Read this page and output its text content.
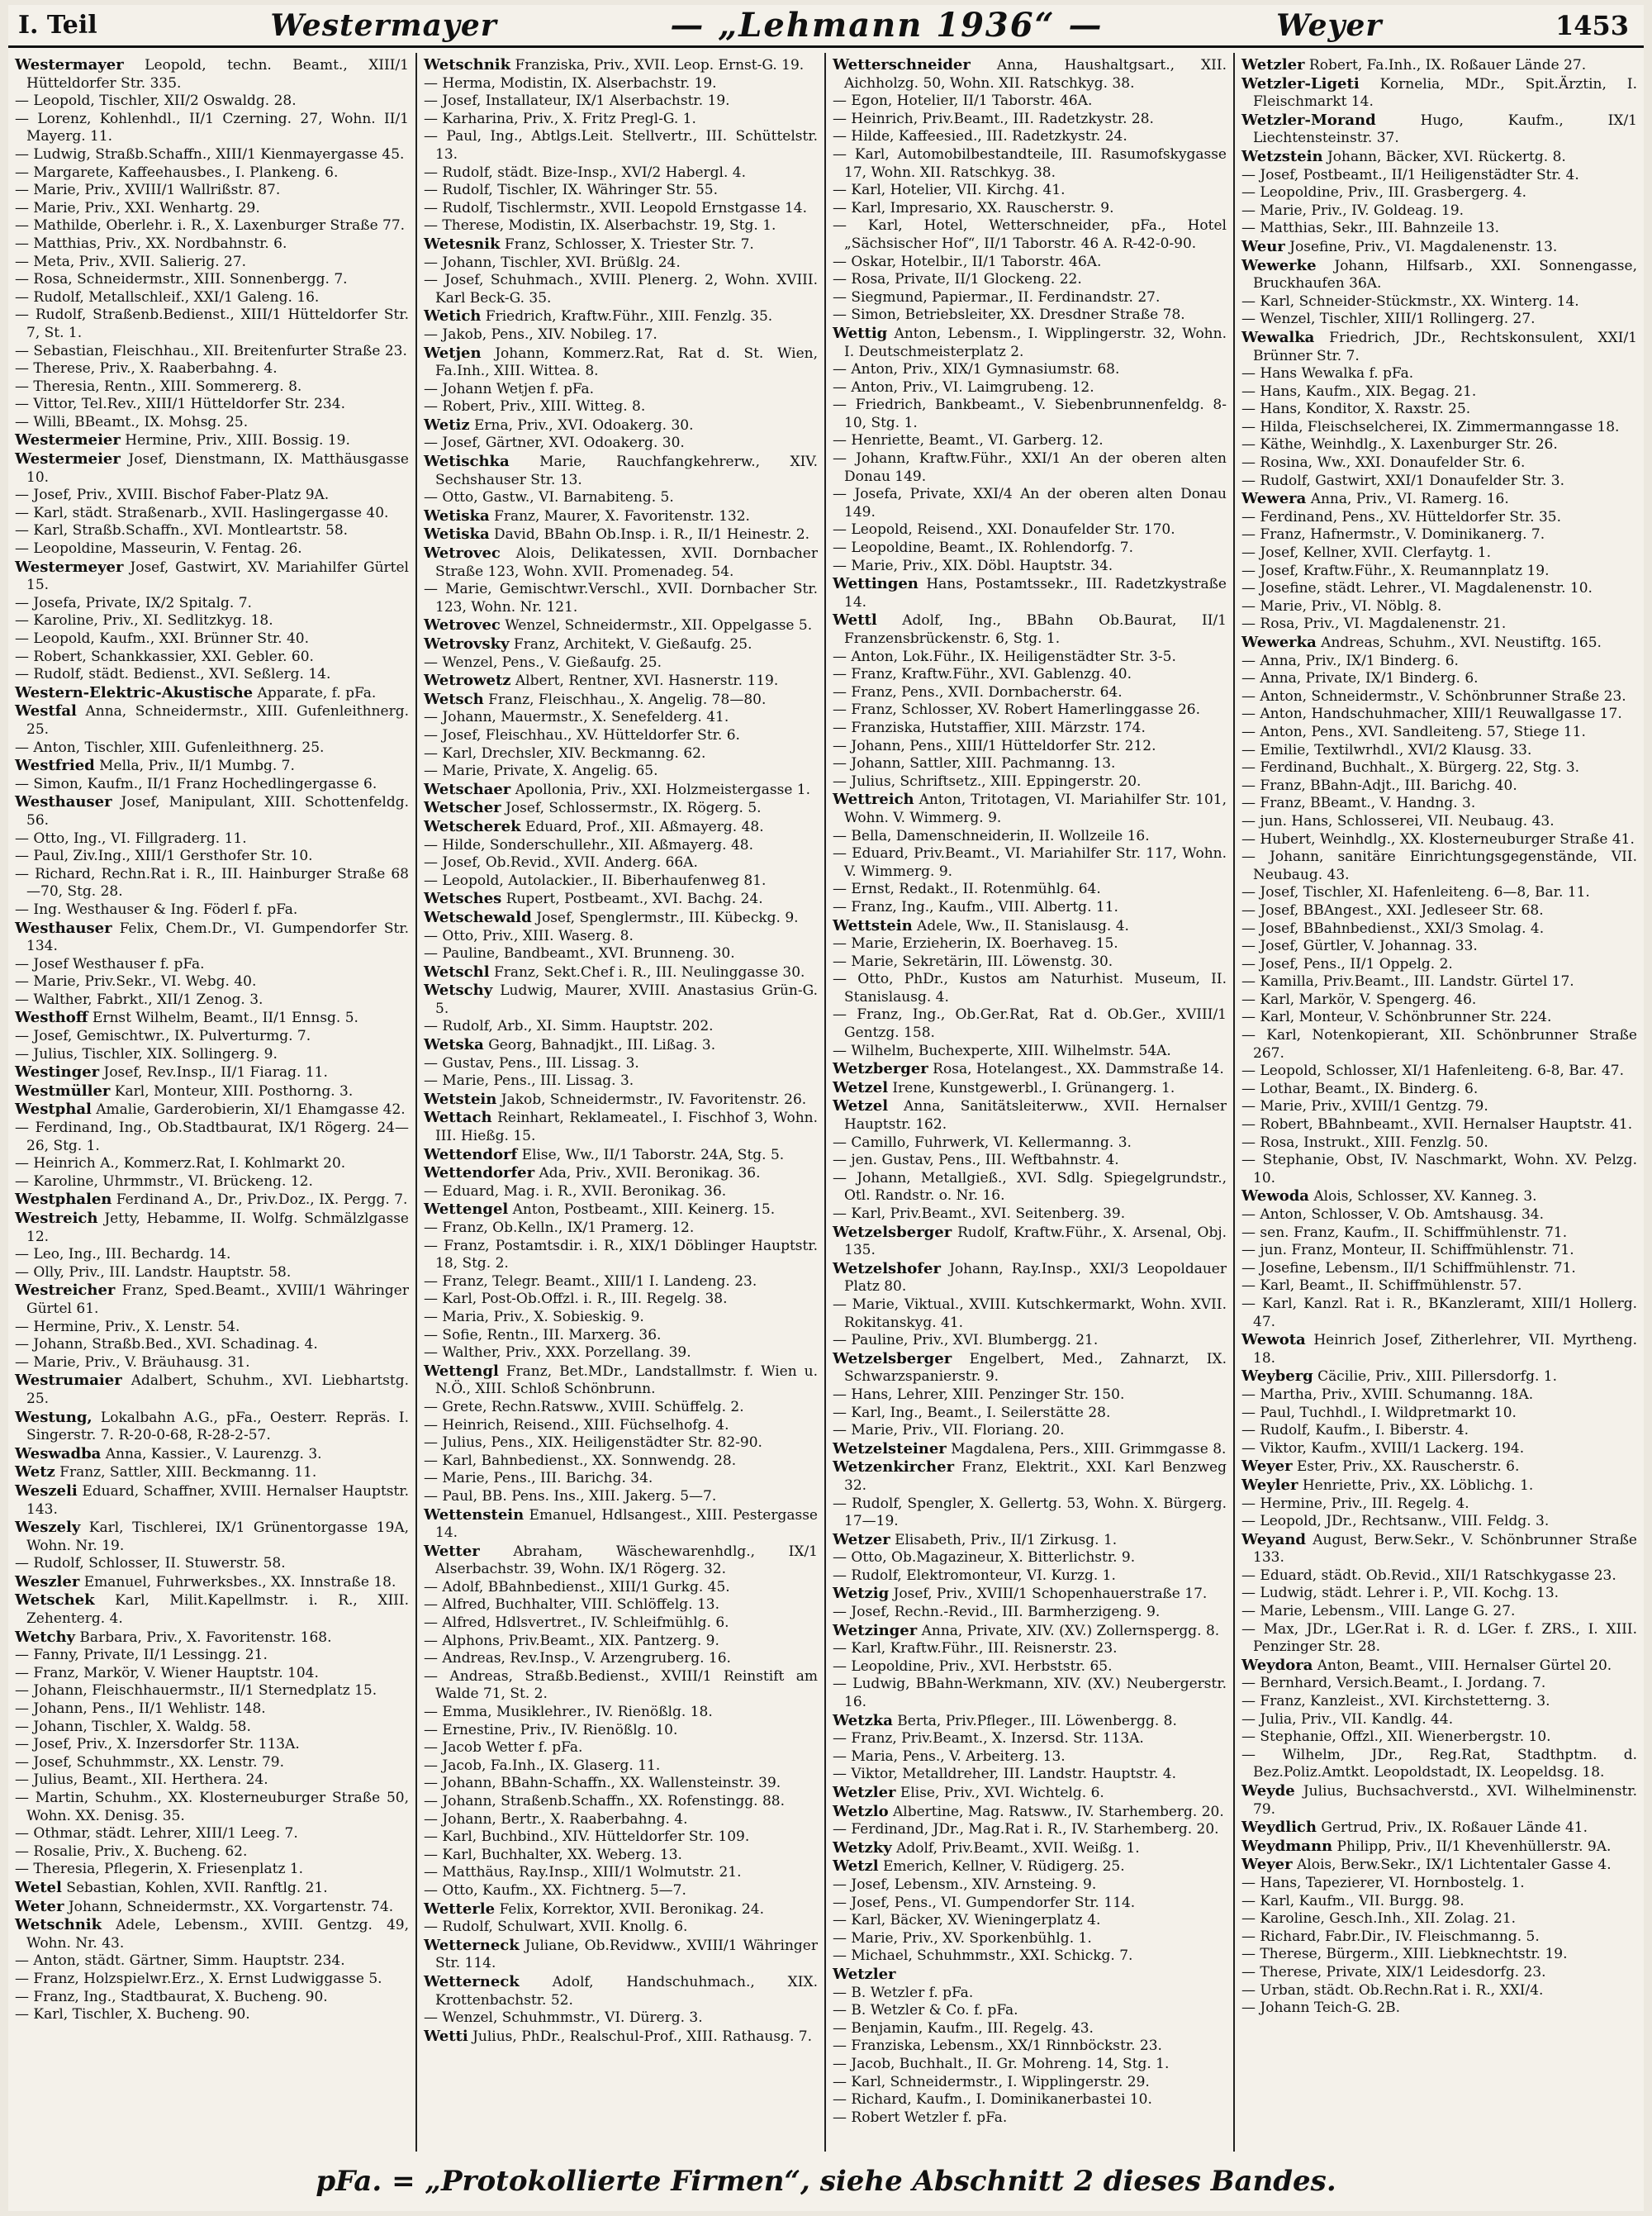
I. Teil	Westermayer	— „Lehmann 1936“ —	Weyer	1453

Westermayer Leopold, techn. Beamt., XIII/1 Hütteldorfer Str. 335.

— Leopold, Tischler, XII/2 Oswaldg. 28.

— Lorenz, Kohlenhdl., II/1 Czerning. 27, Wohn. II/1 Mayerg. 11.

— Ludwig, Straßb.Schaffn., XIII/1 Kienmayergasse 45.

— Margarete, Kaffeehausbes., I. Plankeng. 6.

— Marie, Priv., XVIII/1 Wallrißstr. 87.

— Marie, Priv., XXI. Wenhartg. 29.

— Mathilde, Oberlehr. i. R., X. Laxenburger Straße 77.

— Matthias, Priv., XX. Nordbahnstr. 6.

— Meta, Priv., XVII. Salierig. 27.

— Rosa, Schneidermstr., XIII. Sonnenbergg. 7.

— Rudolf, Metallschleif., XXI/1 Galeng. 16.

— Rudolf, Straßenb.Bedienst., XIII/1 Hütteldorfer Str. 7, St. 1.

— Sebastian, Fleischhau., XII. Breitenfurter Straße 23.

— Therese, Priv., X. Raaberbahng. 4.

— Theresia, Rentn., XIII. Sommererg. 8.

— Vittor, Tel.Rev., XIII/1 Hütteldorfer Str. 234.

— Willi, BBeamt., IX. Mohsg. 25.

Westermeier Hermine, Priv., XIII. Bossig. 19.

Westermeier Josef, Dienstmann, IX. Matthäusgasse 10.

— Josef, Priv., XVIII. Bischof Faber-Platz 9A.

— Karl, städt. Straßenarb., XVII. Haslingergasse 40.

— Karl, Straßb.Schaffn., XVI. Montleartstr. 58.

— Leopoldine, Masseurin, V. Fentag. 26.

Westermeyer Josef, Gastwirt, XV. Mariahilfer Gürtel 15.

— Josefa, Private, IX/2 Spitalg. 7.

— Karoline, Priv., XI. Sedlitzkyg. 18.

— Leopold, Kaufm., XXI. Brünner Str. 40.

— Robert, Schankkassier, XXI. Gebler. 60.

— Rudolf, städt. Bedienst., XVI. Seßlerg. 14.

Western-Elektric-Akustische Apparate, f. pFa.

Westfal Anna, Schneidermstr., XIII. Gufenleithnerg. 25.

— Anton, Tischler, XIII. Gufenleithnerg. 25.

Westfried Mella, Priv., II/1 Mumbg. 7.

— Simon, Kaufm., II/1 Franz Hochedlingergasse 6.

Westhauser Josef, Manipulant, XIII. Schottenfeldg. 56.

— Otto, Ing., VI. Fillgraderg. 11.

— Paul, Ziv.Ing., XIII/1 Gersthofer Str. 10.

— Richard, Rechn.Rat i. R., III. Hainburger Straße 68—70, Stg. 28.

— Ing. Westhauser & Ing. Föderl f. pFa.

Westhauser Felix, Chem.Dr., VI. Gumpendorfer Str. 134.

— Josef Westhauser f. pFa.

— Marie, Priv.Sekr., VI. Webg. 40.

— Walther, Fabrkt., XII/1 Zenog. 3.

Westhoff Ernst Wilhelm, Beamt., II/1 Ennsg. 5.

— Josef, Gemischtwr., IX. Pulverturmg. 7.

— Julius, Tischler, XIX. Sollingerg. 9.

Westinger Josef, Rev.Insp., II/1 Fiarag. 11.

Westmüller Karl, Monteur, XIII. Posthorng. 3.

Westphal Amalie, Garderobierin, XI/1 Ehamgasse 42.

— Ferdinand, Ing., Ob.Stadtbaurat, IX/1 Rögerg. 24—26, Stg. 1.

— Heinrich A., Kommerz.Rat, I. Kohlmarkt 20.

— Karoline, Uhrmmstr., VI. Brückeng. 12.

Westphalen Ferdinand A., Dr., Priv.Doz., IX. Pergg. 7.

Westreich Jetty, Hebamme, II. Wolfg. Schmälzlgasse 12.

— Leo, Ing., III. Bechardg. 14.

— Olly, Priv., III. Landstr. Hauptstr. 58.

Westreicher Franz, Sped.Beamt., XVIII/1 Währinger Gürtel 61.

— Hermine, Priv., X. Lenstr. 54.

— Johann, Straßb.Bed., XVI. Schadinag. 4.

— Marie, Priv., V. Bräuhausg. 31.

Westrumaier Adalbert, Schuhm., XVI. Liebhartstg. 25.

Westung, Lokalbahn A.G., pFa., Oesterr. Repräs. I. Singerstr. 7. R-20-0-68, R-28-2-57.

Weswadba Anna, Kassier., V. Laurenzg. 3.

Wetz Franz, Sattler, XIII. Beckmanng. 11.

Weszeli Eduard, Schaffner, XVIII. Hernalser Hauptstr. 143.

Weszely Karl, Tischlerei, IX/1 Grünentorgasse 19A, Wohn. Nr. 19.

— Rudolf, Schlosser, II. Stuwerstr. 58.

Weszler Emanuel, Fuhrwerksbes., XX. Innstraße 18.

Wetschek Karl, Milit.Kapellmstr. i. R., XIII. Zehenterg. 4.

Wetchy Barbara, Priv., X. Favoritenstr. 168.

— Fanny, Private, II/1 Lessingg. 21.

— Franz, Markör, V. Wiener Hauptstr. 104.

— Johann, Fleischhauermstr., II/1 Sternedplatz 15.

— Johann, Pens., II/1 Wehlistr. 148.

— Johann, Tischler, X. Waldg. 58.

— Josef, Priv., X. Inzersdorfer Str. 113A.

— Josef, Schuhmmstr., XX. Lenstr. 79.

— Julius, Beamt., XII. Herthera. 24.

— Martin, Schuhm., XX. Klosterneuburger Straße 50, Wohn. XX. Denisg. 35.

— Othmar, städt. Lehrer, XIII/1 Leeg. 7.

— Rosalie, Priv., X. Bucheng. 62.

— Theresia, Pflegerin, X. Friesenplatz 1.

Wetel Sebastian, Kohlen, XVII. Ranftlg. 21.

Weter Johann, Schneidermstr., XX. Vorgartenstr. 74.

Wetschnik Adele, Lebensm., XVIII. Gentzg. 49, Wohn. Nr. 43.

— Anton, städt. Gärtner, Simm. Hauptstr. 234.

— Franz, Holzspielwr.Erz., X. Ernst Ludwiggasse 5.

— Franz, Ing., Stadtbaurat, X. Bucheng. 90.

— Karl, Tischler, X. Bucheng. 90.

Wetschnik Franziska, Priv., XVII. Leop. Ernst-G. 19.

— Herma, Modistin, IX. Alserbachstr. 19.

— Josef, Installateur, IX/1 Alserbachstr. 19.

— Karharina, Priv., X. Fritz Pregl-G. 1.

— Paul, Ing., Abtlgs.Leit. Stellvertr., III. Schüttelstr. 13.

— Rudolf, städt. Bize-Insp., XVI/2 Habergl. 4.

— Rudolf, Tischler, IX. Währinger Str. 55.

— Rudolf, Tischlermstr., XVII. Leopold Ernstgasse 14.

— Therese, Modistin, IX. Alserbachstr. 19, Stg. 1.

Wetesnik Franz, Schlosser, X. Triester Str. 7.

— Johann, Tischler, XVI. Brüßlg. 24.

— Josef, Schuhmach., XVIII. Plenerg. 2, Wohn. XVIII. Karl Beck-G. 35.

Wetich Friedrich, Kraftw.Führ., XIII. Fenzlg. 35.

— Jakob, Pens., XIV. Nobileg. 17.

Wetjen Johann, Kommerz.Rat, Rat d. St. Wien, Fa.Inh., XIII. Wittea. 8.

— Johann Wetjen f. pFa.

— Robert, Priv., XIII. Witteg. 8.

Wetiz Erna, Priv., XVI. Odoakerg. 30.

— Josef, Gärtner, XVI. Odoakerg. 30.

Wetischka Marie, Rauchfangkehrerw., XIV. Sechshauser Str. 13.

— Otto, Gastw., VI. Barnabiteng. 5.

Wetiska Franz, Maurer, X. Favoritenstr. 132.

Wetiska David, BBahn Ob.Insp. i. R., II/1 Heinestr. 2.

Wetrovec Alois, Delikatessen, XVII. Dornbacher Straße 123, Wohn. XVII. Promenadeg. 54.

— Marie, Gemischtwr.Verschl., XVII. Dornbacher Str. 123, Wohn. Nr. 121.

Wetrovec Wenzel, Schneidermstr., XII. Oppelgasse 5.

Wetrovsky Franz, Architekt, V. Gießaufg. 25.

— Wenzel, Pens., V. Gießaufg. 25.

Wetrowetz Albert, Rentner, XVI. Hasnerstr. 119.

Wetsch Franz, Fleischhau., X. Angelig. 78—80.

— Johann, Mauermstr., X. Senefelderg. 41.

— Josef, Fleischhau., XV. Hütteldorfer Str. 6.

— Karl, Drechsler, XIV. Beckmanng. 62.

— Marie, Private, X. Angelig. 65.

Wetschaer Apollonia, Priv., XXI. Holzmeistergasse 1.

Wetscher Josef, Schlossermstr., IX. Rögerg. 5.

Wetscherek Eduard, Prof., XII. Aßmayerg. 48.

— Hilde, Sonderschullehr., XII. Aßmayerg. 48.

— Josef, Ob.Revid., XVII. Anderg. 66A.

— Leopold, Autolackier., II. Biberhaufenweg 81.

Wetsches Rupert, Postbeamt., XVI. Bachg. 24.

Wetschewald Josef, Spenglermstr., III. Kübeckg. 9.

— Otto, Priv., XIII. Waserg. 8.

— Pauline, Bandbeamt., XVI. Brunneng. 30.

Wetschl Franz, Sekt.Chef i. R., III. Neulinggasse 30.

Wetschy Ludwig, Maurer, XVIII. Anastasius Grün-G. 5.

— Rudolf, Arb., XI. Simm. Hauptstr. 202.

Wetska Georg, Bahnadjkt., III. Lißag. 3.

— Gustav, Pens., III. Lissag. 3.

— Marie, Pens., III. Lissag. 3.

Wetstein Jakob, Schneidermstr., IV. Favoritenstr. 26.

Wettach Reinhart, Reklameatel., I. Fischhof 3, Wohn. III. Hießg. 15.

Wettendorf Elise, Ww., II/1 Taborstr. 24A, Stg. 5.

Wettendorfer Ada, Priv., XVII. Beronikag. 36.

— Eduard, Mag. i. R., XVII. Beronikag. 36.

Wettengel Anton, Postbeamt., XIII. Keinerg. 15.

— Franz, Ob.Kelln., IX/1 Pramerg. 12.

— Franz, Postamtsdir. i. R., XIX/1 Döblinger Hauptstr. 18, Stg. 2.

— Franz, Telegr. Beamt., XIII/1 I. Landeng. 23.

— Karl, Post-Ob.Offzl. i. R., III. Regelg. 38.

— Maria, Priv., X. Sobieskig. 9.

— Sofie, Rentn., III. Marxerg. 36.

— Walther, Priv., XXX. Porzellang. 39.

Wettengl Franz, Bet.MDr., Landstallmstr. f. Wien u. N.Ö., XIII. Schloß Schönbrunn.

— Grete, Rechn.Ratsww., XVIII. Schüffelg. 2.

— Heinrich, Reisend., XIII. Füchselhofg. 4.

— Julius, Pens., XIX. Heiligenstädter Str. 82-90.

— Karl, Bahnbedienst., XX. Sonnwendg. 28.

— Marie, Pens., III. Barichg. 34.

— Paul, BB. Pens. Ins., XIII. Jakerg. 5—7.

Wettenstein Emanuel, Hdlsangest., XIII. Pestergasse 14.

Wetter Abraham, Wäschewarenhdlg., IX/1 Alserbachstr. 39, Wohn. IX/1 Rögerg. 32.

— Adolf, BBahnbedienst., XIII/1 Gurkg. 45.

— Alfred, Buchhalter, VIII. Schlöffelg. 13.

— Alfred, Hdlsvertret., IV. Schleifmühlg. 6.

— Alphons, Priv.Beamt., XIX. Pantzerg. 9.

— Andreas, Rev.Insp., V. Arzengruberg. 16.

— Andreas, Straßb.Bedienst., XVIII/1 Reinstift am Walde 71, St. 2.

— Emma, Musiklehrer., IV. Rienößlg. 18.

— Ernestine, Priv., IV. Rienößlg. 10.

— Jacob Wetter f. pFa.

— Jacob, Fa.Inh., IX. Glaserg. 11.

— Johann, BBahn-Schaffn., XX. Wallensteinstr. 39.

— Johann, Straßenb.Schaffn., XX. Rofenstingg. 88.

— Johann, Bertr., X. Raaberbahng. 4.

— Karl, Buchbind., XIV. Hütteldorfer Str. 109.

— Karl, Buchhalter, XX. Weberg. 13.

— Matthäus, Ray.Insp., XIII/1 Wolmutstr. 21.

— Otto, Kaufm., XX. Fichtnerg. 5—7.

Wetterle Felix, Korrektor, XVII. Beronikag. 24.

— Rudolf, Schulwart, XVII. Knollg. 6.

Wetterneck Juliane, Ob.Revidww., XVIII/1 Währinger Str. 114.

Wetterneck Adolf, Handschuhmach., XIX. Krottenbachstr. 52.

— Wenzel, Schuhmmstr., VI. Dürerg. 3.

Wetti Julius, PhDr., Realschul-Prof., XIII. Rathausg. 7.

Wetterschneider Anna, Haushaltgsart., XII. Aichholzg. 50, Wohn. XII. Ratschkyg. 38.

— Egon, Hotelier, II/1 Taborstr. 46A.

— Heinrich, Priv.Beamt., III. Radetzkystr. 28.

— Hilde, Kaffeesied., III. Radetzkystr. 24.

— Karl, Automobilbestandteile, III. Rasumofskygasse 17, Wohn. XII. Ratschkyg. 38.

— Karl, Hotelier, VII. Kirchg. 41.

— Karl, Impresario, XX. Rauscherstr. 9.

— Karl, Hotel, Wetterschneider, pFa., Hotel „Sächsischer Hof“, II/1 Taborstr. 46 A. R-42-0-90.

— Oskar, Hotelbir., II/1 Taborstr. 46A.

— Rosa, Private, II/1 Glockeng. 22.

— Siegmund, Papiermar., II. Ferdinandstr. 27.

— Simon, Betriebsleiter, XX. Dresdner Straße 78.

Wettig Anton, Lebensm., I. Wipplingerstr. 32, Wohn. I. Deutschmeisterplatz 2.

— Anton, Priv., XIX/1 Gymnasiumstr. 68.

— Anton, Priv., VI. Laimgrubeng. 12.

— Friedrich, Bankbeamt., V. Siebenbrunnenfeldg. 8-10, Stg. 1.

— Henriette, Beamt., VI. Garberg. 12.

— Johann, Kraftw.Führ., XXI/1 An der oberen alten Donau 149.

— Josefa, Private, XXI/4 An der oberen alten Donau 149.

— Leopold, Reisend., XXI. Donaufelder Str. 170.

— Leopoldine, Beamt., IX. Rohlendorfg. 7.

— Marie, Priv., XIX. Döbl. Hauptstr. 34.

Wettingen Hans, Postamtssekr., III. Radetzkystraße 14.

Wettl Adolf, Ing., BBahn Ob.Baurat, II/1 Franzensbrückenstr. 6, Stg. 1.

— Anton, Lok.Führ., IX. Heiligenstädter Str. 3-5.

— Franz, Kraftw.Führ., XVI. Gablenzg. 40.

— Franz, Pens., XVII. Dornbacherstr. 64.

— Franz, Schlosser, XV. Robert Hamerlinggasse 26.

— Franziska, Hutstaffier, XIII. Märzstr. 174.

— Johann, Pens., XIII/1 Hütteldorfer Str. 212.

— Johann, Sattler, XIII. Pachmanng. 13.

— Julius, Schriftsetz., XIII. Eppingerstr. 20.

Wettreich Anton, Tritotagen, VI. Mariahilfer Str. 101, Wohn. V. Wimmerg. 9.

— Bella, Damenschneiderin, II. Wollzeile 16.

— Eduard, Priv.Beamt., VI. Mariahilfer Str. 117, Wohn. V. Wimmerg. 9.

— Ernst, Redakt., II. Rotenmühlg. 64.

— Franz, Ing., Kaufm., VIII. Albertg. 11.

Wettstein Adele, Ww., II. Stanislausg. 4.

— Marie, Erzieherin, IX. Boerhaveg. 15.

— Marie, Sekretärin, III. Löwenstg. 30.

— Otto, PhDr., Kustos am Naturhist. Museum, II. Stanislausg. 4.

— Franz, Ing., Ob.Ger.Rat, Rat d. Ob.Ger., XVIII/1 Gentzg. 158.

— Wilhelm, Buchexperte, XIII. Wilhelmstr. 54A.

Wetzberger Rosa, Hotelangest., XX. Dammstraße 14.

Wetzel Irene, Kunstgewerbl., I. Grünangerg. 1.

Wetzel Anna, Sanitätsleiterww., XVII. Hernalser Hauptstr. 162.

— Camillo, Fuhrwerk, VI. Kellermanng. 3.

— jen. Gustav, Pens., III. Weftbahnstr. 4.

— Johann, Metallgieß., XVI. Sdlg. Spiegelgrundstr., Otl. Randstr. o. Nr. 16.

— Karl, Priv.Beamt., XVI. Seitenberg. 39.

Wetzelsberger Rudolf, Kraftw.Führ., X. Arsenal, Obj. 135.

Wetzelshofer Johann, Ray.Insp., XXI/3 Leopoldauer Platz 80.

— Marie, Viktual., XVIII. Kutschkermarkt, Wohn. XVII. Rokitanskyg. 41.

— Pauline, Priv., XVI. Blumbergg. 21.

Wetzelsberger Engelbert, Med., Zahnarzt, IX. Schwarzspanierstr. 9.

— Hans, Lehrer, XIII. Penzinger Str. 150.

— Karl, Ing., Beamt., I. Seilerstätte 28.

— Marie, Priv., VII. Floriang. 20.

Wetzelsteiner Magdalena, Pers., XIII. Grimmgasse 8.

Wetzenkircher Franz, Elektrit., XXI. Karl Benzweg 32.

— Rudolf, Spengler, X. Gellertg. 53, Wohn. X. Bürgerg. 17—19.

Wetzer Elisabeth, Priv., II/1 Zirkusg. 1.

— Otto, Ob.Magazineur, X. Bitterlichstr. 9.

— Rudolf, Elektromonteur, VI. Kurzg. 1.

Wetzig Josef, Priv., XVIII/1 Schopenhauerstraße 17.

— Josef, Rechn.-Revid., III. Barmherzigeng. 9.

Wetzinger Anna, Private, XIV. (XV.) Zollernspergg. 8.

— Karl, Kraftw.Führ., III. Reisnerstr. 23.

— Leopoldine, Priv., XVI. Herbststr. 65.

— Ludwig, BBahn-Werkmann, XIV. (XV.) Neubergerstr. 16.

Wetzka Berta, Priv.Pfleger., III. Löwenbergg. 8.

— Franz, Priv.Beamt., X. Inzersd. Str. 113A.

— Maria, Pens., V. Arbeiterg. 13.

— Viktor, Metalldreher, III. Landstr. Hauptstr. 4.

Wetzler Elise, Priv., XVI. Wichtelg. 6.

Wetzlo Albertine, Mag. Ratsww., IV. Starhemberg. 20.

— Ferdinand, JDr., Mag.Rat i. R., IV. Starhemberg. 20.

Wetzky Adolf, Priv.Beamt., XVII. Weißg. 1.

Wetzl Emerich, Kellner, V. Rüdigerg. 25.

— Josef, Lebensm., XIV. Arnsteing. 9.

— Josef, Pens., VI. Gumpendorfer Str. 114.

— Karl, Bäcker, XV. Wieningerplatz 4.

— Marie, Priv., XV. Sporkenbühlg. 1.

— Michael, Schuhmmstr., XXI. Schickg. 7.

Wetzler

— B. Wetzler f. pFa.

— B. Wetzler & Co. f. pFa.

— Benjamin, Kaufm., III. Regelg. 43.

— Franziska, Lebensm., XX/1 Rinnböckstr. 23.

— Jacob, Buchhalt., II. Gr. Mohreng. 14, Stg. 1.

— Karl, Schneidermstr., I. Wipplingerstr. 29.

— Richard, Kaufm., I. Dominikanerbastei 10.

— Robert Wetzler f. pFa.

Wetzler Robert, Fa.Inh., IX. Roßauer Lände 27.

Wetzler-Ligeti Kornelia, MDr., Spit.Ärztin, I. Fleischmarkt 14.

Wetzler-Morand Hugo, Kaufm., IX/1 Liechtensteinstr. 37.

Wetzstein Johann, Bäcker, XVI. Rückertg. 8.

— Josef, Postbeamt., II/1 Heiligenstädter Str. 4.

— Leopoldine, Priv., III. Grasbergerg. 4.

— Marie, Priv., IV. Goldeag. 19.

— Matthias, Sekr., III. Bahnzeile 13.

Weur Josefine, Priv., VI. Magdalenenstr. 13.

Wewerke Johann, Hilfsarb., XXI. Sonnengasse, Bruckhaufen 36A.

— Karl, Schneider-Stückmstr., XX. Winterg. 14.

— Wenzel, Tischler, XIII/1 Rollingerg. 27.

Wewalka Friedrich, JDr., Rechtskonsulent, XXI/1 Brünner Str. 7.

— Hans Wewalka f. pFa.

— Hans, Kaufm., XIX. Begag. 21.

— Hans, Konditor, X. Raxstr. 25.

— Hilda, Fleischselcherei, IX. Zimmermanngasse 18.

— Käthe, Weinhdlg., X. Laxenburger Str. 26.

— Rosina, Ww., XXI. Donaufelder Str. 6.

— Rudolf, Gastwirt, XXI/1 Donaufelder Str. 3.

Wewera Anna, Priv., VI. Ramerg. 16.

— Ferdinand, Pens., XV. Hütteldorfer Str. 35.

— Franz, Hafnermstr., V. Dominikanerg. 7.

— Josef, Kellner, XVII. Clerfaytg. 1.

— Josef, Kraftw.Führ., X. Reumannplatz 19.

— Josefine, städt. Lehrer., VI. Magdalenenstr. 10.

— Marie, Priv., VI. Nöblg. 8.

— Rosa, Priv., VI. Magdalenenstr. 21.

Wewerka Andreas, Schuhm., XVI. Neustiftg. 165.

— Anna, Priv., IX/1 Binderg. 6.

— Anna, Private, IX/1 Binderg. 6.

— Anton, Schneidermstr., V. Schönbrunner Straße 23.

— Anton, Handschuhmacher, XIII/1 Reuwallgasse 17.

— Anton, Pens., XVI. Sandleiteng. 57, Stiege 11.

— Emilie, Textilwrhdl., XVI/2 Klausg. 33.

— Ferdinand, Buchhalt., X. Bürgerg. 22, Stg. 3.

— Franz, BBahn-Adjt., III. Barichg. 40.

— Franz, BBeamt., V. Handng. 3.

— jun. Hans, Schlosserei, VII. Neubaug. 43.

— Hubert, Weinhdlg., XX. Klosterneuburger Straße 41.

— Johann, sanitäre Einrichtungsgegenstände, VII. Neubaug. 43.

— Josef, Tischler, XI. Hafenleiteng. 6—8, Bar. 11.

— Josef, BBAngest., XXI. Jedleseer Str. 68.

— Josef, BBahnbedienst., XXI/3 Smolag. 4.

— Josef, Gürtler, V. Johannag. 33.

— Josef, Pens., II/1 Oppelg. 2.

— Kamilla, Priv.Beamt., III. Landstr. Gürtel 17.

— Karl, Markör, V. Spengerg. 46.

— Karl, Monteur, V. Schönbrunner Str. 224.

— Karl, Notenkopierant, XII. Schönbrunner Straße 267.

— Leopold, Schlosser, XI/1 Hafenleiteng. 6-8, Bar. 47.

— Lothar, Beamt., IX. Binderg. 6.

— Marie, Priv., XVIII/1 Gentzg. 79.

— Robert, BBahnbeamt., XVII. Hernalser Hauptstr. 41.

— Rosa, Instrukt., XIII. Fenzlg. 50.

— Stephanie, Obst, IV. Naschmarkt, Wohn. XV. Pelzg. 10.

Wewoda Alois, Schlosser, XV. Kanneg. 3.

— Anton, Schlosser, V. Ob. Amtshausg. 34.

— sen. Franz, Kaufm., II. Schiffmühlenstr. 71.

— jun. Franz, Monteur, II. Schiffmühlenstr. 71.

— Josefine, Lebensm., II/1 Schiffmühlenstr. 71.

— Karl, Beamt., II. Schiffmühlenstr. 57.

— Karl, Kanzl. Rat i. R., BKanzleramt, XIII/1 Hollerg. 47.

Wewota Heinrich Josef, Zitherlehrer, VII. Myrtheng. 18.

Weyberg Cäcilie, Priv., XIII. Pillersdorfg. 1.

— Martha, Priv., XVIII. Schumanng. 18A.

— Paul, Tuchhdl., I. Wildpretmarkt 10.

— Rudolf, Kaufm., I. Biberstr. 4.

— Viktor, Kaufm., XVIII/1 Lackerg. 194.

Weyer Ester, Priv., XX. Rauscherstr. 6.

Weyler Henriette, Priv., XX. Löblichg. 1.

— Hermine, Priv., III. Regelg. 4.

— Leopold, JDr., Rechtsanw., VIII. Feldg. 3.

Weyand August, Berw.Sekr., V. Schönbrunner Straße 133.

— Eduard, städt. Ob.Revid., XII/1 Ratschkygasse 23.

— Ludwig, städt. Lehrer i. P., VII. Kochg. 13.

— Marie, Lebensm., VIII. Lange G. 27.

— Max, JDr., LGer.Rat i. R. d. LGer. f. ZRS., I. XIII. Penzinger Str. 28.

Weydora Anton, Beamt., VIII. Hernalser Gürtel 20.

— Bernhard, Versich.Beamt., I. Jordang. 7.

— Franz, Kanzleist., XVI. Kirchstetterng. 3.

— Julia, Priv., VII. Kandlg. 44.

— Stephanie, Offzl., XII. Wienerbergstr. 10.

— Wilhelm, JDr., Reg.Rat, Stadthptm. d. Bez.Poliz.Amtkt. Leopoldstadt, IX. Leopeldsg. 18.

Weyde Julius, Buchsachverstd., XVI. Wilhelminenstr. 79.

Weydlich Gertrud, Priv., IX. Roßauer Lände 41.

Weydmann Philipp, Priv., II/1 Khevenhüllerstr. 9A.

Weyer Alois, Berw.Sekr., IX/1 Lichtentaler Gasse 4.

— Hans, Tapezierer, VI. Hornbostelg. 1.

— Karl, Kaufm., VII. Burgg. 98.

— Karoline, Gesch.Inh., XII. Zolag. 21.

— Richard, Fabr.Dir., IV. Fleischmanng. 5.

— Therese, Bürgerm., XIII. Liebknechtstr. 19.

— Therese, Private, XIX/1 Leidesdorfg. 23.

— Urban, städt. Ob.Rechn.Rat i. R., XXI/4.

— Johann Teich-G. 2B.

pFa. = „Protokollierte Firmen“, siehe Abschnitt 2 dieses Bandes.
